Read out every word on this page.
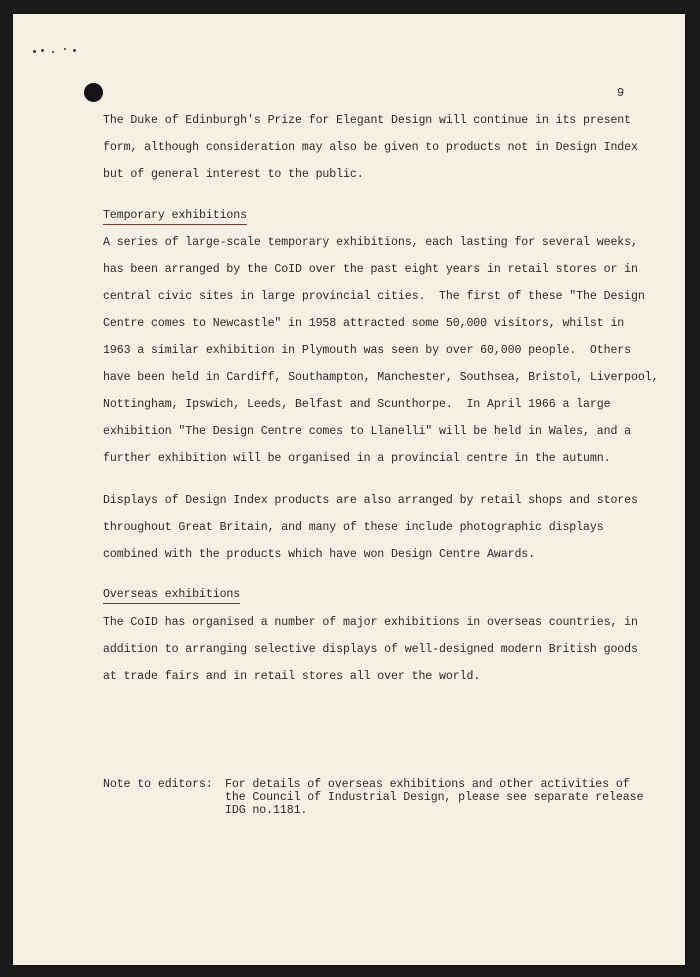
9
The Duke of Edinburgh's Prize for Elegant Design will continue in its present
form, although consideration may also be given to products not in Design Index
but of general interest to the public.
Temporary exhibitions
A series of large-scale temporary exhibitions, each lasting for several weeks,
has been arranged by the CoID over the past eight years in retail stores or in
central civic sites in large provincial cities.  The first of these "The Design
Centre comes to Newcastle" in 1958 attracted some 50,000 visitors, whilst in
1963 a similar exhibition in Plymouth was seen by over 60,000 people.  Others
have been held in Cardiff, Southampton, Manchester, Southsea, Bristol, Liverpool,
Nottingham, Ipswich, Leeds, Belfast and Scunthorpe.  In April 1966 a large
exhibition "The Design Centre comes to Llanelli" will be held in Wales, and a
further exhibition will be organised in a provincial centre in the autumn.
Displays of Design Index products are also arranged by retail shops and stores
throughout Great Britain, and many of these include photographic displays
combined with the products which have won Design Centre Awards.
Overseas exhibitions
The CoID has organised a number of major exhibitions in overseas countries, in
addition to arranging selective displays of well-designed modern British goods
at trade fairs and in retail stores all over the world.
Note to editors: For details of overseas exhibitions and other activities of
the Council of Industrial Design, please see separate release
IDG no.1181.
